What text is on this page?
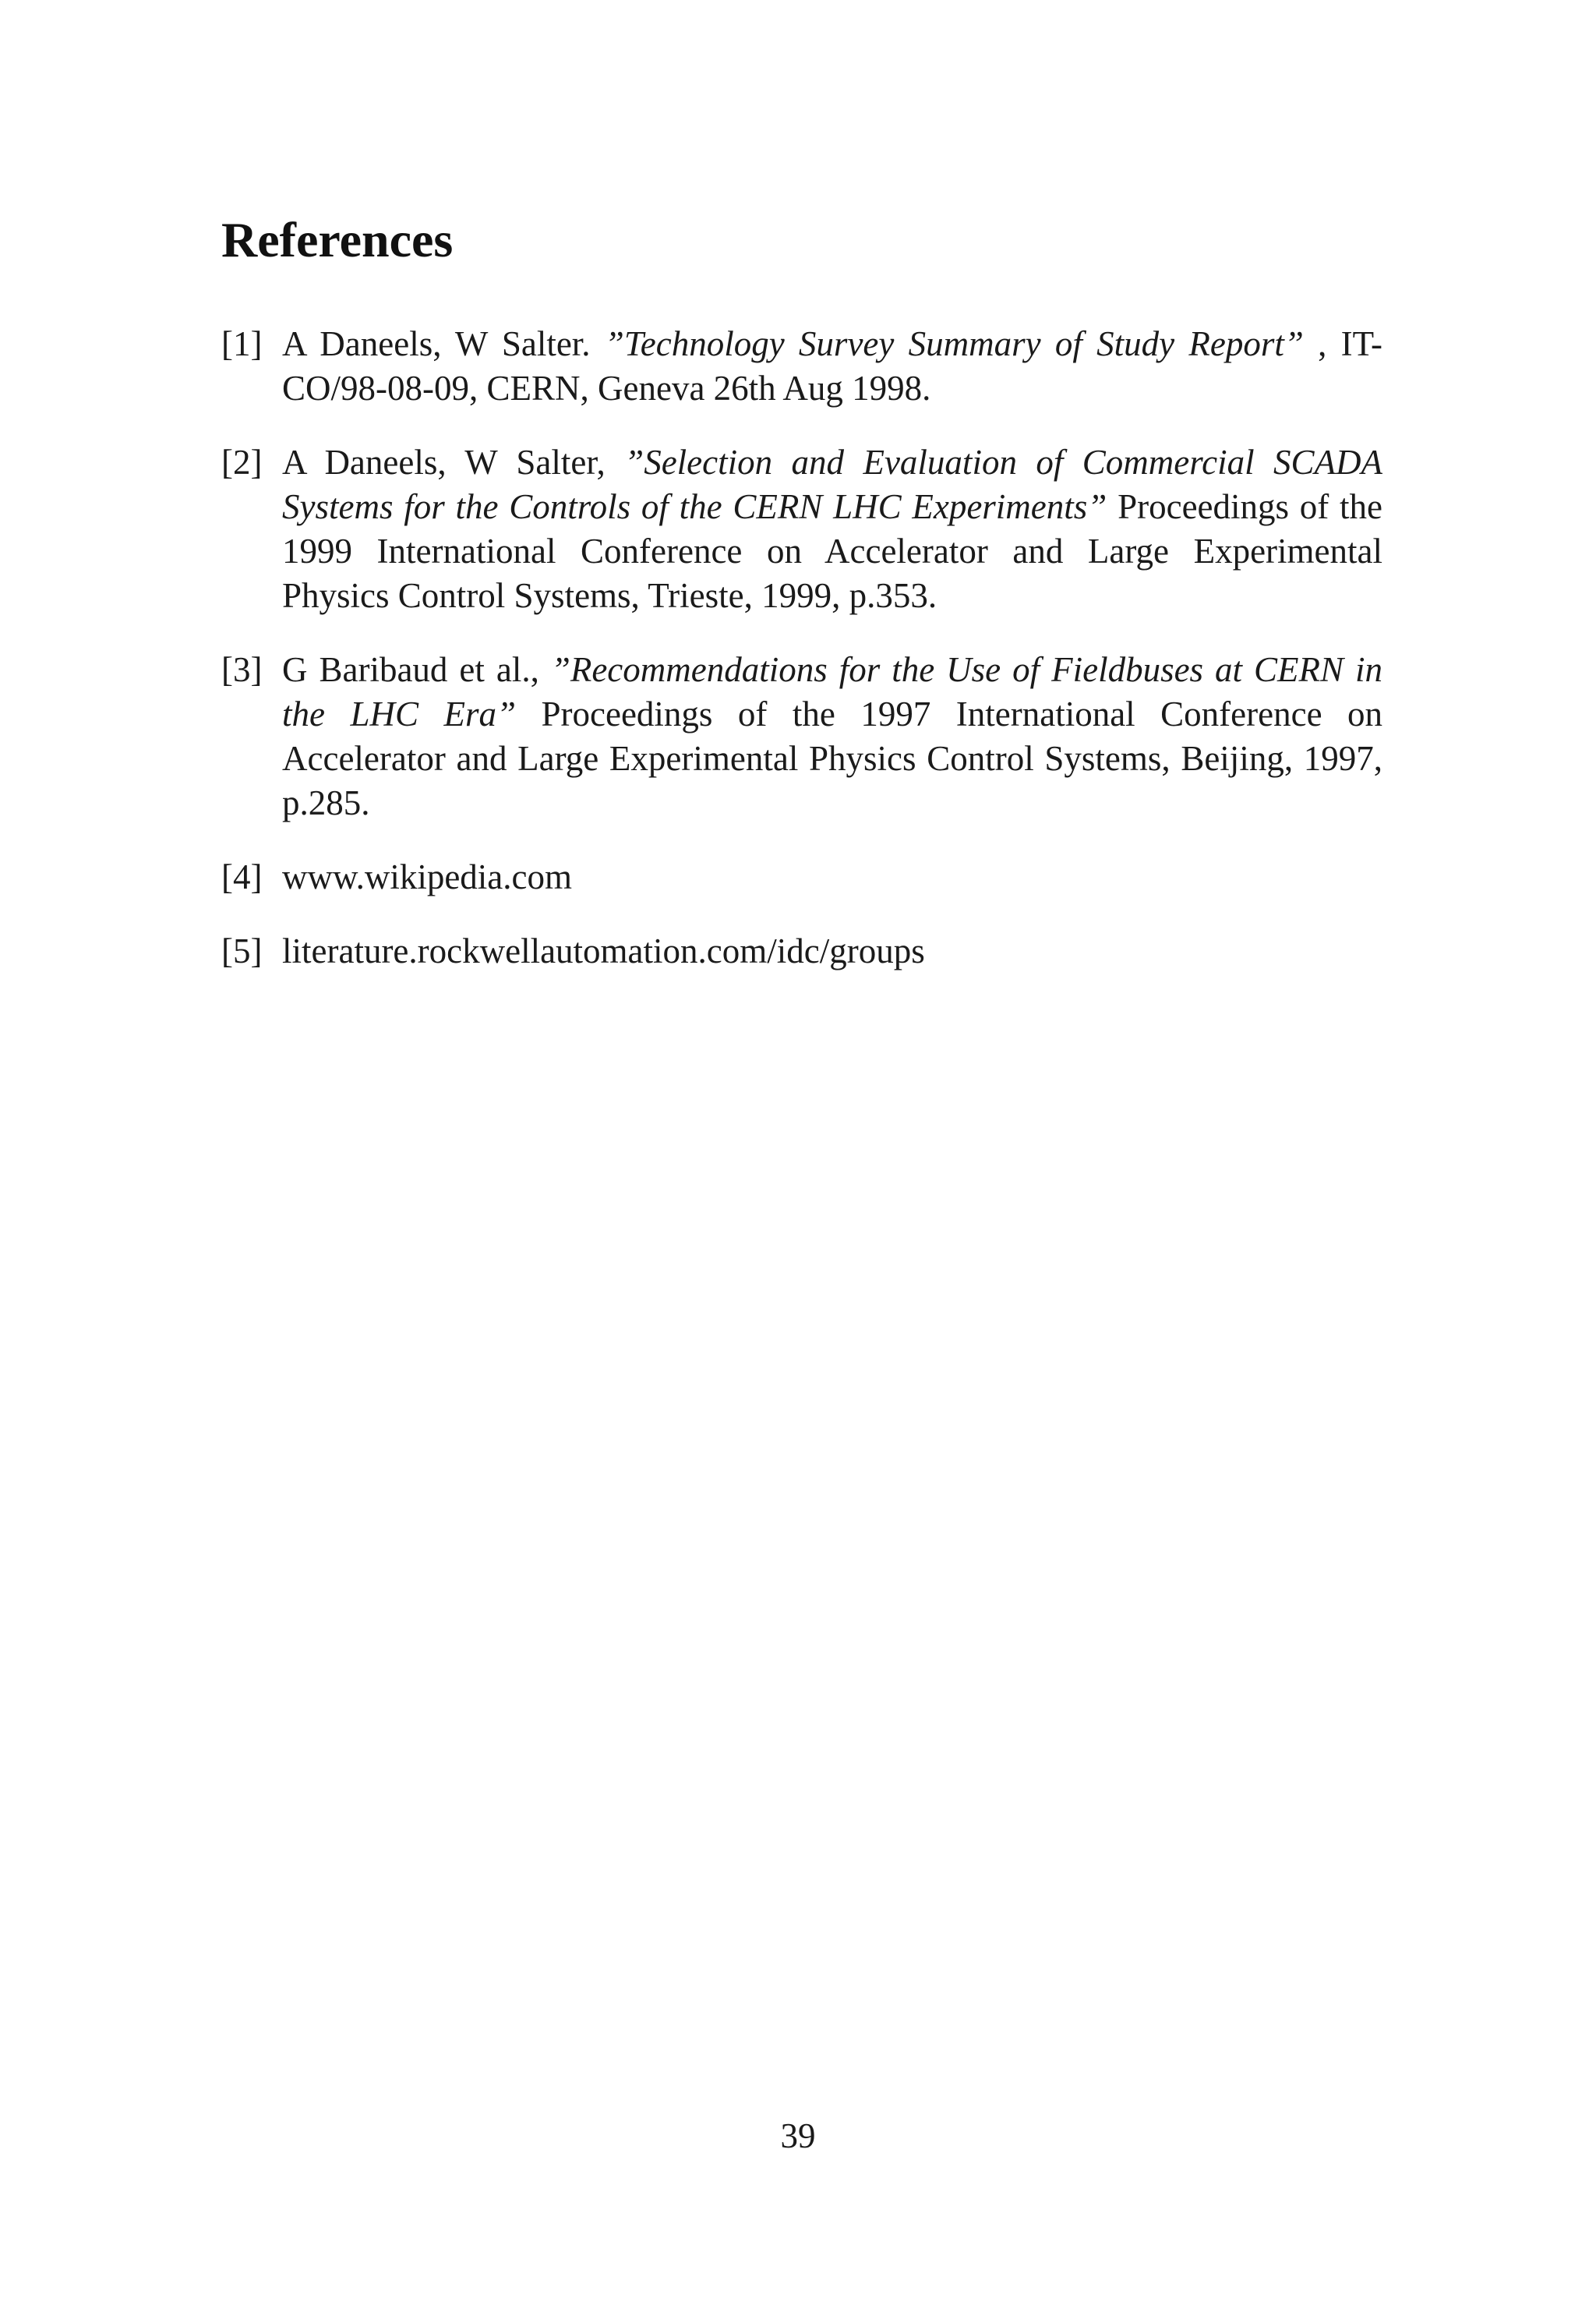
References
[1] A Daneels, W Salter. ”Technology Survey Summary of Study Report” , IT-CO/98-08-09, CERN, Geneva 26th Aug 1998.
[2] A Daneels, W Salter, ”Selection and Evaluation of Commercial SCADA Systems for the Controls of the CERN LHC Experiments” Proceedings of the 1999 International Conference on Accelerator and Large Experimental Physics Control Systems, Trieste, 1999, p.353.
[3] G Baribaud et al., ”Recommendations for the Use of Fieldbuses at CERN in the LHC Era” Proceedings of the 1997 International Conference on Accelerator and Large Experimental Physics Control Systems, Beijing, 1997, p.285.
[4] www.wikipedia.com
[5] literature.rockwellautomation.com/idc/groups
39
